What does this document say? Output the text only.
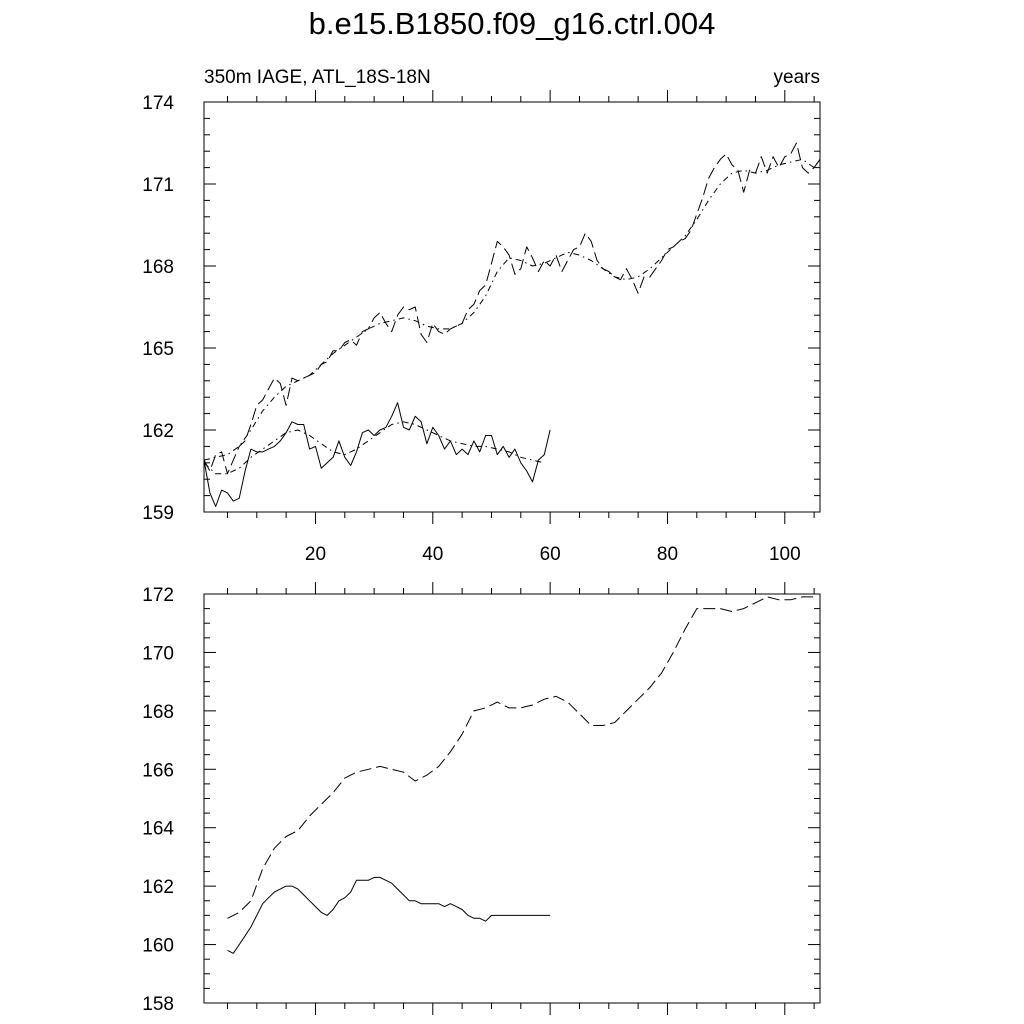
b.e15.B1850.f09_g16.ctrl.004
350m IAGE, ATL_18S-18N	years
159
162
165
168
171
174
20	40	60	80	100
158
160
162
164
166
168
170
172
